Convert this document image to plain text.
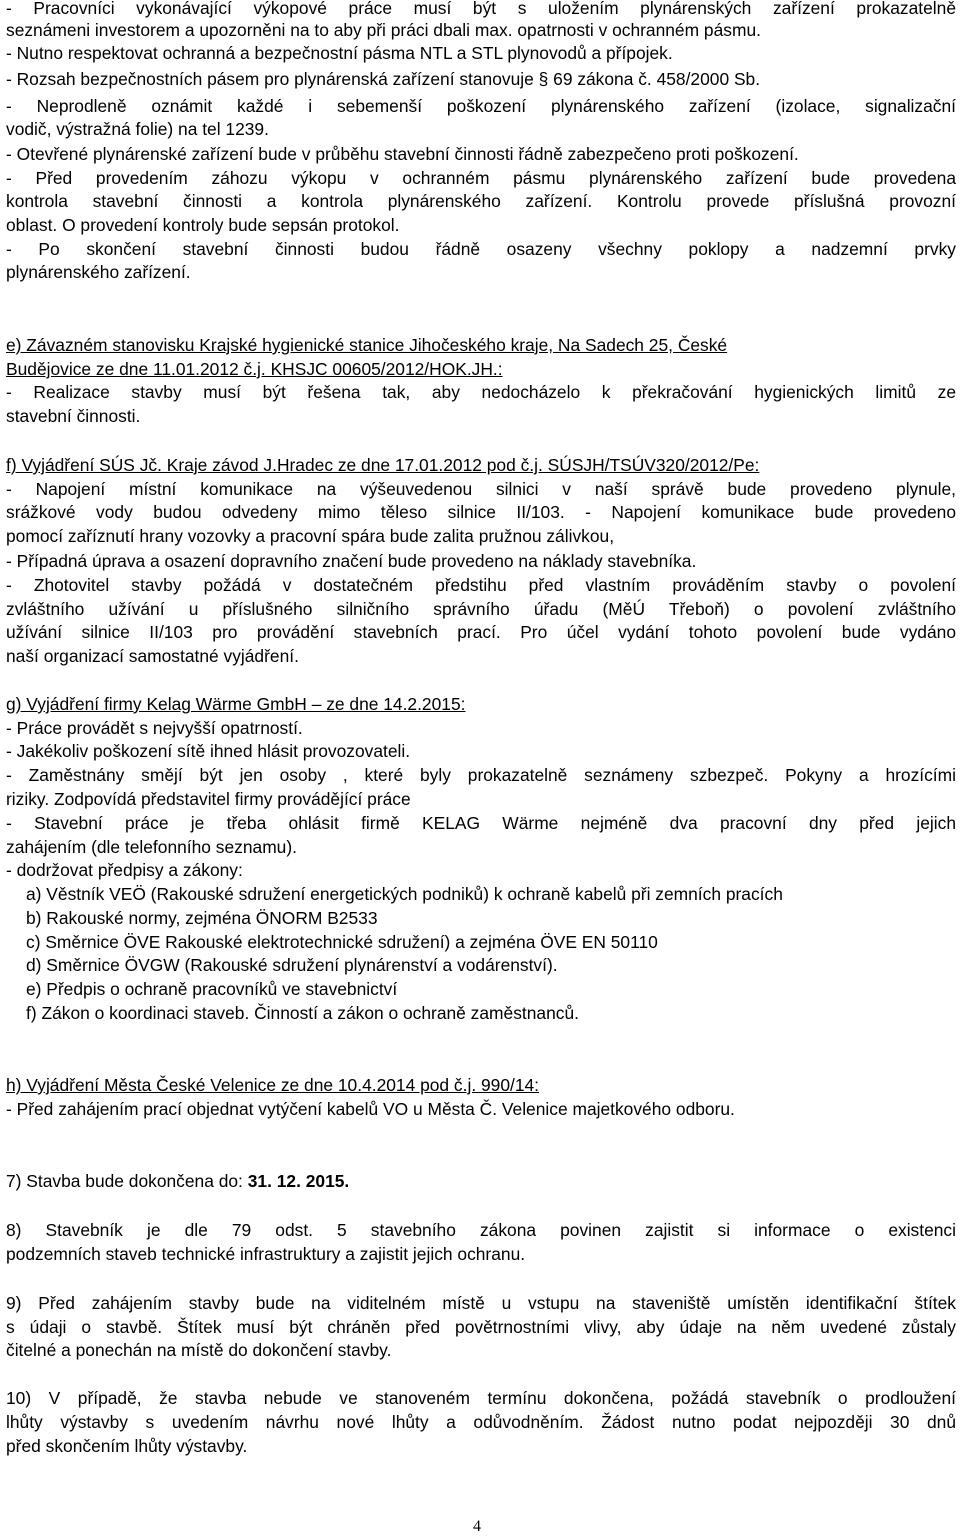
- Pracovníci vykonávající výkopové práce musí být s uložením plynárenských zařízení prokazatelně
seznámeni investorem a upozorněni na to aby při práci dbali max. opatrnosti v ochranném pásmu.
- Nutno respektovat ochranná a bezpečnostní pásma NTL a STL plynovodů a přípojek.
- Rozsah bezpečnostních pásem pro plynárenská zařízení stanovuje § 69 zákona č. 458/2000 Sb.
- Neprodleně oznámit každé i sebemenší poškození plynárenského zařízení (izolace, signalizační
vodič, výstražná folie) na tel 1239.
- Otevřené plynárenské zařízení bude v průběhu stavební činnosti řádně zabezpečeno proti poškození.
- Před provedením záhozu výkopu v ochranném pásmu plynárenského zařízení bude provedena
kontrola stavební činnosti a kontrola plynárenského zařízení. Kontrolu provede příslušná provozní
oblast. O provedení kontroly bude sepsán protokol.
- Po skončení stavební činnosti budou řádně osazeny všechny poklopy a nadzemní prvky
plynárenského zařízení.
e) Závazném stanovisku Krajské hygienické stanice Jihočeského kraje, Na Sadech 25, České
Budějovice ze dne 11.01.2012 č.j. KHSJC 00605/2012/HOK.JH.:
- Realizace stavby musí být řešena tak, aby nedocházelo k překračování hygienických limitů ze
stavební činnosti.
f) Vyjádření SÚS Jč. Kraje závod J.Hradec ze dne 17.01.2012 pod č.j. SÚSJH/TSÚV320/2012/Pe:
- Napojení místní komunikace na výšeuvedenou silnici v naší správě bude provedeno plynule,
srážkové vody budou odvedeny mimo těleso silnice II/103. - Napojení komunikace bude provedeno
pomocí zaříznutí hrany vozovky a pracovní spára bude zalita pružnou zálivkou,
- Případná úprava a osazení dopravního značení bude provedeno na náklady stavebníka.
- Zhotovitel stavby požádá v dostatečném předstihu před vlastním prováděním stavby o povolení
zvláštního užívání u příslušného silničního správního úřadu (MěÚ Třeboň) o povolení zvláštního
užívání silnice II/103 pro provádění stavebních prací. Pro účel vydání tohoto povolení bude vydáno
naší organizací samostatné vyjádření.
g) Vyjádření firmy Kelag Wärme GmbH – ze dne 14.2.2015:
- Práce provádět s nejvyšší opatrností.
- Jakékoliv poškození sítě ihned hlásit provozovateli.
- Zaměstnány smějí být jen osoby , které byly prokazatelně seznámeny szbezpeč. Pokyny a hrozícími
riziky. Zodpovídá představitel firmy provádějící práce
- Stavební práce je třeba ohlásit firmě KELAG Wärme nejméně dva pracovní dny před jejich
zahájením (dle telefonního seznamu).
- dodržovat předpisy a zákony:
a) Věstník VEÖ (Rakouské sdružení energetických podniků) k ochraně kabelů při zemních pracích
b) Rakouské normy, zejména ÖNORM B2533
c) Směrnice ÖVE Rakouské elektrotechnické sdružení) a zejména ÖVE EN 50110
d) Směrnice ÖVGW (Rakouské sdružení plynárenství a vodárenství).
e) Předpis o ochraně pracovníků ve stavebnictví
f) Zákon o koordinaci staveb. Činností a zákon o ochraně zaměstnanců.
h) Vyjádření Města České Velenice ze dne 10.4.2014 pod č.j. 990/14:
- Před zahájením prací objednat vytýčení kabelů VO u Města Č. Velenice majetkového odboru.
7) Stavba bude dokončena do: 31. 12. 2015.
8) Stavebník je dle 79 odst. 5 stavebního zákona povinen zajistit si informace o existenci
podzemních staveb technické infrastruktury a zajistit jejich ochranu.
9) Před zahájením stavby bude na viditelném místě u vstupu na staveniště umístěn identifikační štítek
s údaji o stavbě. Štítek musí být chráněn před povětrnostními vlivy, aby údaje na něm uvedené zůstaly
čitelné a ponechán na místě do dokončení stavby.
10) V případě, že stavba nebude ve stanoveném termínu dokončena, požádá stavebník o prodloužení
lhůty výstavby s uvedením návrhu nové lhůty a odůvodněním. Žádost nutno podat nejpozději 30 dnů
před skončením lhůty výstavby.
4
